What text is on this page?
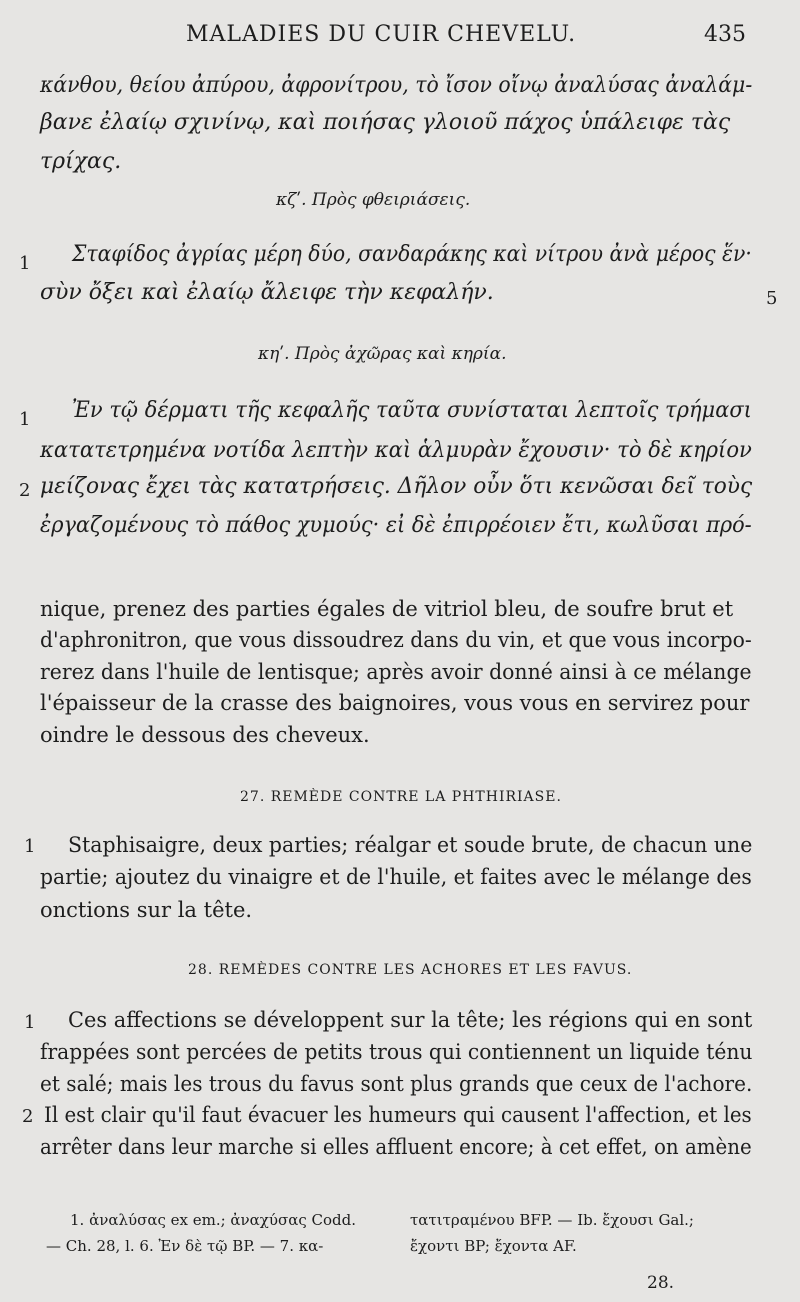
MALADIES DU CUIR CHEVELU.	435
κάνθου, θείου ἀπύρου, ἀφρονίτρου, τὸ ἴσον οἴνῳ ἀναλύσας ἀναλάμ-
βανε ἐλαίῳ σχινίνῳ, καὶ ποιήσας γλοιοῦ πάχος ὑπάλειφε τὰς
τρίχας.
κζʹ. Πρὸς φθειριάσεις.
1 Σταφίδος ἀγρίας μέρη δύο, σανδαράκης καὶ νίτρου ἀνὰ μέρος ἕν·
σὺν ὄξει καὶ ἐλαίῳ ἄλειφε τὴν κεφαλήν.	5
κηʹ. Πρὸς ἀχῶρας καὶ κηρία.
1 Ἐν τῷ δέρματι τῆς κεφαλῆς ταῦτα συνίσταται λεπτοῖς τρήμασι
κατατετρημένα νοτίδα λεπτὴν καὶ ἁλμυρὰν ἔχουσιν· τὸ δὲ κηρίον
2 μείζονας ἔχει τὰς κατατρήσεις. Δῆλον οὖν ὅτι κενῶσαι δεῖ τοὺς
ἐργαζομένους τὸ πάθος χυμούς· εἰ δὲ ἐπιρρέοιεν ἔτι, κωλῦσαι πρό-
nique, prenez des parties égales de vitriol bleu, de soufre brut et
d'aphronitron, que vous dissoudrez dans du vin, et que vous incorpo-
rerez dans l'huile de lentisque; après avoir donné ainsi à ce mélange
l'épaisseur de la crasse des baignoires, vous vous en servirez pour
oindre le dessous des cheveux.
27. REMÈDE CONTRE LA PHTHIRIASE.
1 Staphisaigre, deux parties; réalgar et soude brute, de chacun une
partie; ajoutez du vinaigre et de l'huile, et faites avec le mélange des
onctions sur la tête.
28. REMÈDES CONTRE LES ACHORES ET LES FAVUS.
1 Ces affections se développent sur la tête; les régions qui en sont
frappées sont percées de petits trous qui contiennent un liquide ténu
et salé; mais les trous du favus sont plus grands que ceux de l'achore.
2 Il est clair qu'il faut évacuer les humeurs qui causent l'affection, et les
arrêter dans leur marche si elles affluent encore; à cet effet, on amène
1. ἀναλύσας ex em.; ἀναχύσας Codd.
— Ch. 28, l. 6. Ἐν δὲ τῷ BP. — 7. κα-
τατιτραμένου BFP. — Ib. ἔχουσι Gal.;
ἔχοντι BP; ἔχοντα AF.
28.
